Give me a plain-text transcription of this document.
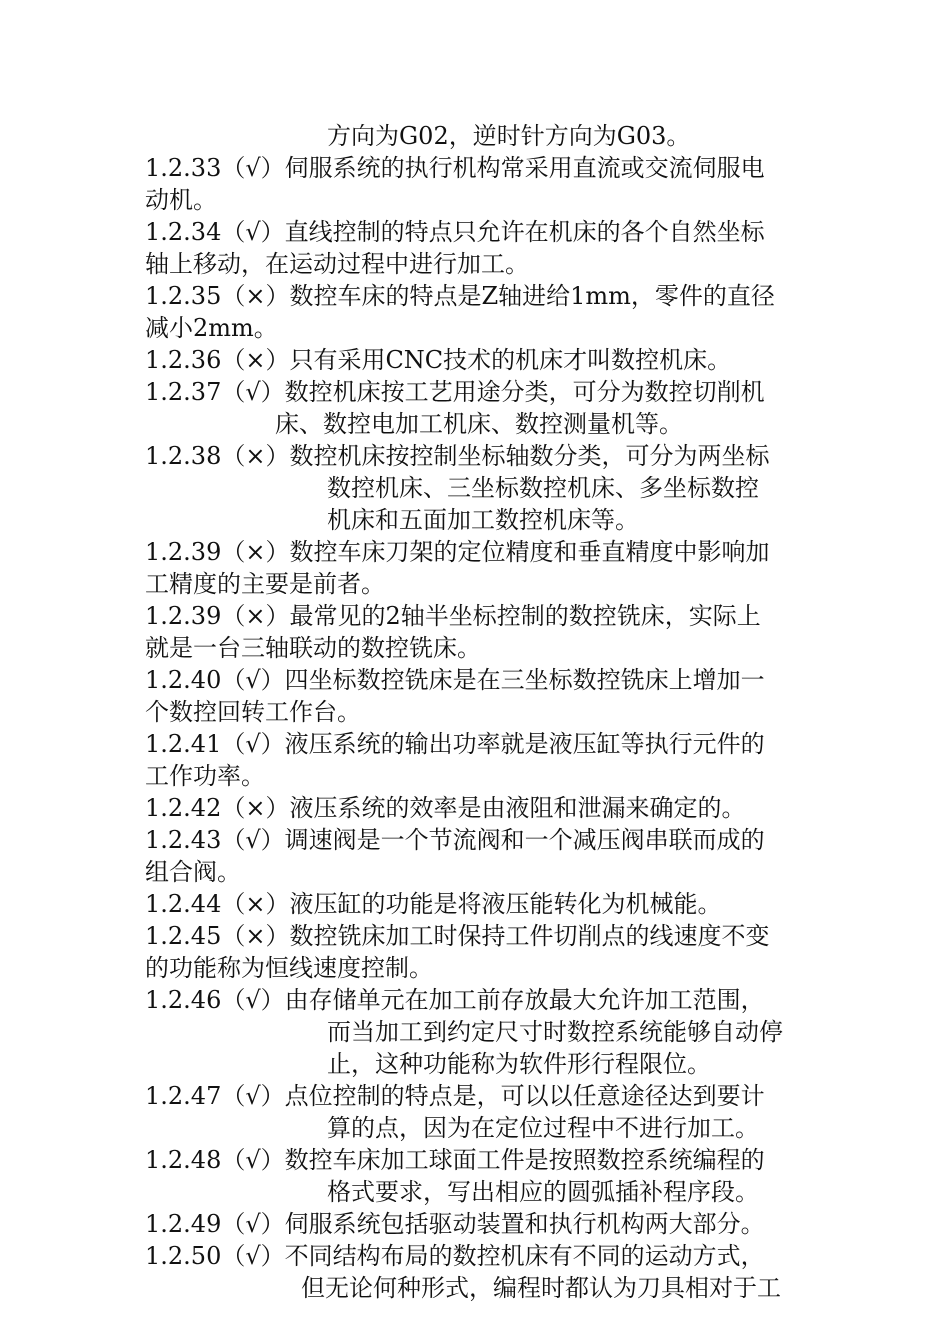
方向为G02，逆时针方向为G03。
1.2.33（√）伺服系统的执行机构常采用直流或交流伺服电
动机。
1.2.34（√）直线控制的特点只允许在机床的各个自然坐标
轴上移动，在运动过程中进行加工。
1.2.35（×）数控车床的特点是Z轴进给1mm，零件的直径
减小2mm。
1.2.36（×）只有采用CNC技术的机床才叫数控机床。
1.2.37（√）数控机床按工艺用途分类，可分为数控切削机
床、数控电加工机床、数控测量机等。
1.2.38（×）数控机床按控制坐标轴数分类，可分为两坐标
数控机床、三坐标数控机床、多坐标数控
机床和五面加工数控机床等。
1.2.39（×）数控车床刀架的定位精度和垂直精度中影响加
工精度的主要是前者。
1.2.39（×）最常见的2轴半坐标控制的数控铣床，实际上
就是一台三轴联动的数控铣床。
1.2.40（√）四坐标数控铣床是在三坐标数控铣床上增加一
个数控回转工作台。
1.2.41（√）液压系统的输出功率就是液压缸等执行元件的
工作功率。
1.2.42（×）液压系统的效率是由液阻和泄漏来确定的。
1.2.43（√）调速阀是一个节流阀和一个减压阀串联而成的
组合阀。
1.2.44（×）液压缸的功能是将液压能转化为机械能。
1.2.45（×）数控铣床加工时保持工件切削点的线速度不变
的功能称为恒线速度控制。
1.2.46（√）由存储单元在加工前存放最大允许加工范围，
而当加工到约定尺寸时数控系统能够自动停
止，这种功能称为软件形行程限位。
1.2.47（√）点位控制的特点是，可以以任意途径达到要计
算的点，因为在定位过程中不进行加工。
1.2.48（√）数控车床加工球面工件是按照数控系统编程的
格式要求，写出相应的圆弧插补程序段。
1.2.49（√）伺服系统包括驱动装置和执行机构两大部分。
1.2.50（√）不同结构布局的数控机床有不同的运动方式，
但无论何种形式，编程时都认为刀具相对于工
